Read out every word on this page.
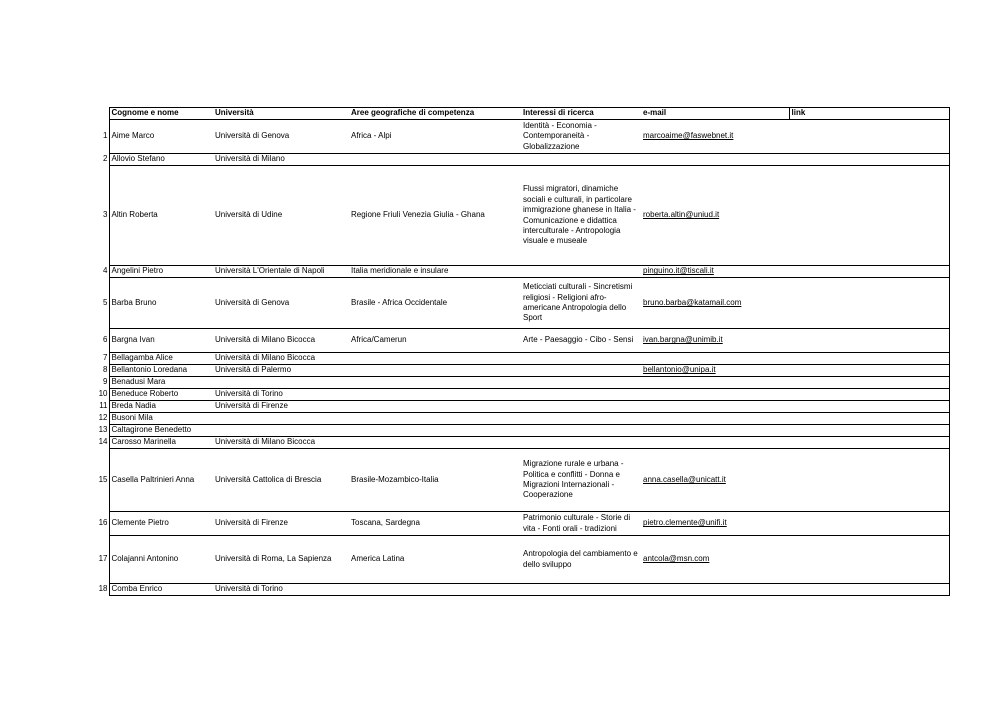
	Cognome e nome	Università	Aree geografiche di competenza	Interessi di ricerca	e-mail	link
1	Aime Marco	Università di Genova	Africa - Alpi	Identità - Economia - Contemporaneità - Globalizzazione	marcoaime@faswebnet.it	
2	Allovio Stefano	Università di Milano				
3	Altin Roberta	Università di Udine	Regione Friuli Venezia Giulia - Ghana	Flussi migratori, dinamiche sociali e culturali, in particolare immigrazione ghanese in Italia - Comunicazione e didattica interculturale - Antropologia visuale e museale	roberta.altin@uniud.it	
4	Angelini Pietro	Università L'Orientale di Napoli	Italia meridionale e insulare		pinguino.it@tiscali.it	
5	Barba Bruno	Università di Genova	Brasile - Africa Occidentale	Meticciati culturali - Sincretismi religiosi - Religioni afro-americane Antropologia dello Sport	bruno.barba@katamail.com	
6	Bargna Ivan	Università di Milano Bicocca	Africa/Camerun	Arte - Paesaggio - Cibo - Sensi	ivan.bargna@unimib.it	
7	Bellagamba Alice	Università di Milano Bicocca				
8	Bellantonio Loredana	Università di Palermo			bellantonio@unipa.it	
9	Benadusi Mara					
10	Beneduce Roberto	Università di Torino				
11	Breda Nadia	Università di Firenze				
12	Busoni Mila					
13	Caltagirone Benedetto					
14	Carosso Marinella	Università di Milano Bicocca				
15	Casella Paltrinieri Anna	Università Cattolica di Brescia	Brasile-Mozambico-Italia	Migrazione rurale e urbana - Politica e conflitti - Donna e Migrazioni Internazionali - Cooperazione	anna.casella@unicatt.it	
16	Clemente Pietro	Università di Firenze	Toscana, Sardegna	Patrimonio culturale - Storie di vita - Fonti orali - tradizioni	pietro.clemente@unifi.it	
17	Colajanni Antonino	Università di Roma, La Sapienza	America Latina	Antropologia del cambiamento e dello sviluppo	antcola@msn.com	
18	Comba Enrico	Università di Torino				
